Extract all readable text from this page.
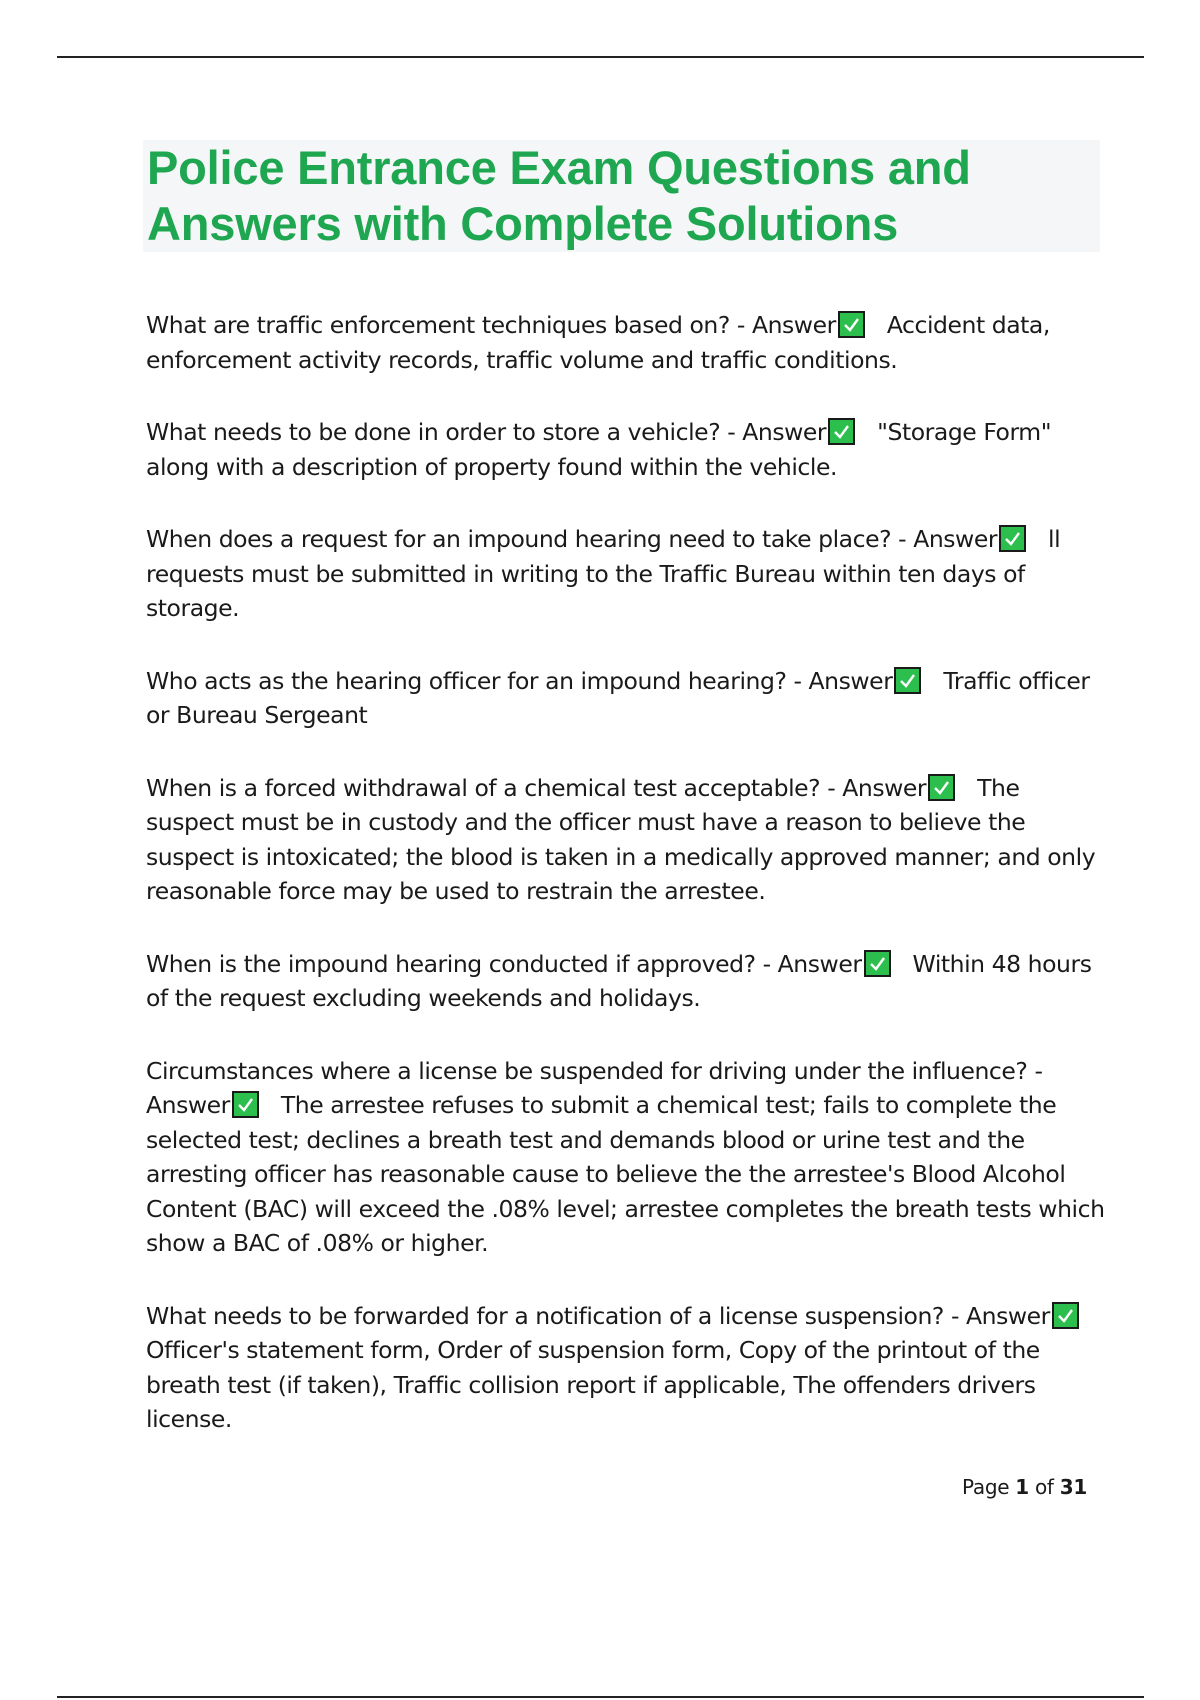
Police Entrance Exam Questions and
Answers with Complete Solutions

What are traffic enforcement techniques based on? - Answer Accident data, enforcement activity records, traffic volume and traffic conditions.

What needs to be done in order to store a vehicle? - Answer "Storage Form" along with a description of property found within the vehicle.

When does a request for an impound hearing need to take place? - Answer ll requests must be submitted in writing to the Traffic Bureau within ten days of storage.

Who acts as the hearing officer for an impound hearing? - Answer Traffic officer or Bureau Sergeant

When is a forced withdrawal of a chemical test acceptable? - Answer The suspect must be in custody and the officer must have a reason to believe the suspect is intoxicated; the blood is taken in a medically approved manner; and only reasonable force may be used to restrain the arrestee.

When is the impound hearing conducted if approved? - Answer Within 48 hours of the request excluding weekends and holidays.

Circumstances where a license be suspended for driving under the influence? - Answer The arrestee refuses to submit a chemical test; fails to complete the selected test; declines a breath test and demands blood or urine test and the arresting officer has reasonable cause to believe the the arrestee's Blood Alcohol Content (BAC) will exceed the .08% level; arrestee completes the breath tests which show a BAC of .08% or higher.

What needs to be forwarded for a notification of a license suspension? - Answer
Officer's statement form, Order of suspension form, Copy of the printout of the breath test (if taken), Traffic collision report if applicable, The offenders drivers license.

Page 1 of 31
